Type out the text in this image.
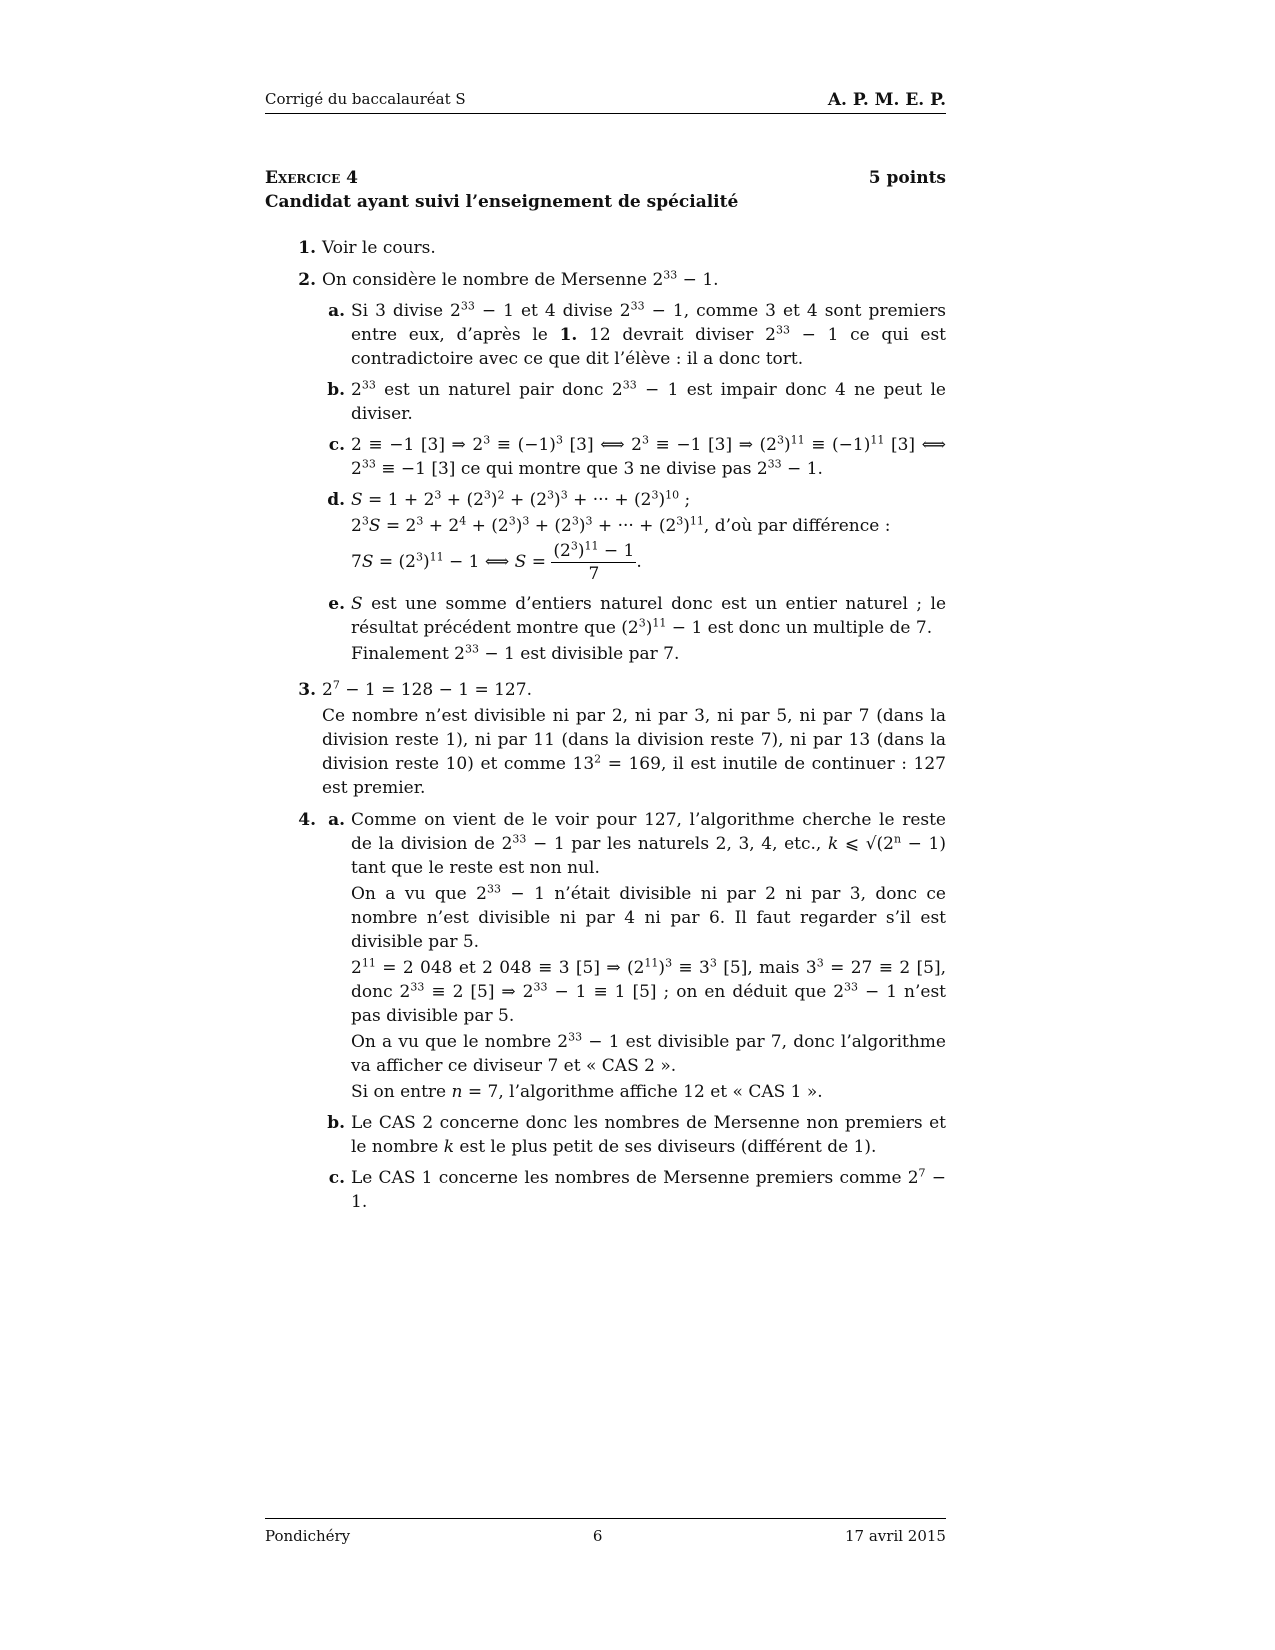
Corrigé du baccalauréat S	A. P. M. E. P.
Exercice 4	5 points
Candidat ayant suivi l’enseignement de spécialité
1. Voir le cours.
2. On considère le nombre de Mersenne $2^{33} - 1$.
a. Si 3 divise $2^{33} - 1$ et 4 divise $2^{33} - 1$, comme 3 et 4 sont premiers entre eux, d’après le 1. 12 devrait diviser $2^{33} - 1$ ce qui est contradictoire avec ce que dit l’élève : il a donc tort.
b. $2^{33}$ est un naturel pair donc $2^{33} - 1$ est impair donc 4 ne peut le diviser.
c. 2 ≡ −1 [3] ⇒ $2^3 \equiv (-1)^3$ [3] ⟺ $2^3 \equiv -1$ [3] ⇒ $(2^3)^{11} \equiv (-1)^{11}$ [3] ⟺ $2^{33} \equiv -1$ [3] ce qui montre que 3 ne divise pas $2^{33} - 1$.
d. $S = 1 + 2^3 + (2^3)^2 + (2^3)^3$ + ··· + $(2^3)^{10}$ ;
$2^3S = 2^3 + 2^4 + (2^3)^3 + (2^3)^3$ + ··· + $(2^3)^{11}$, d’où par différence :
$7S = (2^3)^{11} - 1$ ⟺ $S = \frac{(2^3)^{11} - 1}{7}$ .
e. S est une somme d’entiers naturel donc est un entier naturel ; le résultat précédent montre que $(2^3)^{11} - 1$ est donc un multiple de 7.
Finalement $2^{33} - 1$ est divisible par 7.
3. $2^7 - 1 = 128 - 1 = 127$.
Ce nombre n’est divisible ni par 2, ni par 3, ni par 5, ni par 7 (dans la division reste 1), ni par 11 (dans la division reste 7), ni par 13 (dans la division reste 10) et comme $13^2 = 169$, il est inutile de continuer : 127 est premier.
4. a. Comme on vient de le voir pour 127, l’algorithme cherche le reste de la division de $2^{33} - 1$ par les naturels 2, 3, 4, etc., k ⩽ $√(2^n - 1)$ tant que le reste est non nul.
On a vu que $2^{33} - 1$ n’était divisible ni par 2 ni par 3, donc ce nombre n’est divisible ni par 4 ni par 6. Il faut regarder s’il est divisible par 5.
$2^{11} = 2$ 048 et 2 048 ≡ 3 [5] ⇒ $(2^{11})^3 \equiv 3^3$ [5], mais $3^3 = 27 \equiv 2$ [5], donc $2^{33} \equiv 2$ [5] ⇒ $2^{33} - 1 \equiv 1$ [5] ; on en déduit que $2^{33} - 1$ n’est pas divisible par 5.
On a vu que le nombre $2^{33} - 1$ est divisible par 7, donc l’algorithme va afficher ce diviseur 7 et « CAS 2 ».
Si on entre n = 7, l’algorithme affiche 12 et « CAS 1 ».
b. Le CAS 2 concerne donc les nombres de Mersenne non premiers et le nombre k est le plus petit de ses diviseurs (différent de 1).
c. Le CAS 1 concerne les nombres de Mersenne premiers comme $2^7 - 1$.
Pondichéry	6	17 avril 2015
